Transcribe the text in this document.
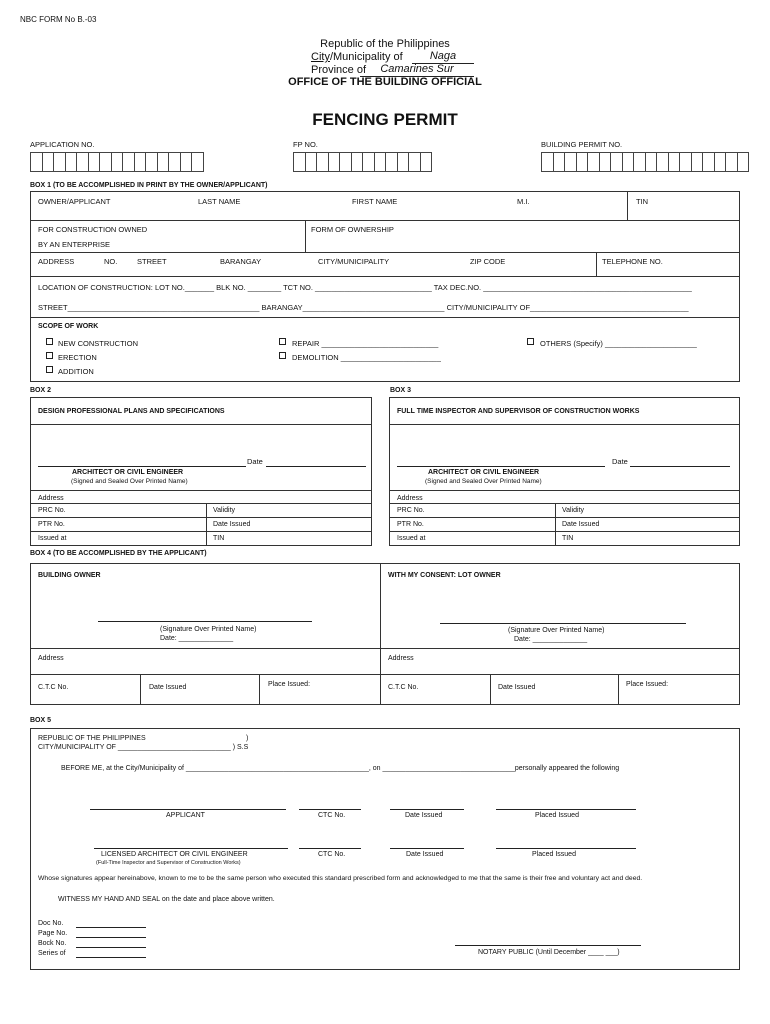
NBC FORM No B.-03
Republic of the Philippines
City/Municipality of	Naga
Province of	Camarines Sur
OFFICE OF THE BUILDING OFFICIAL
FENCING PERMIT
APPLICATION NO.	FP NO.	BUILDING PERMIT NO.
BOX 1 (TO BE ACCOMPLISHED IN PRINT BY THE OWNER/APPLICANT)
OWNER/APPLICANT	LAST NAME	FIRST NAME	M.I.	TIN
FOR CONSTRUCTION OWNED
BY AN ENTERPRISE
FORM OF OWNERSHIP
ADDRESS	NO.	STREET	BARANGAY	CITY/MUNICIPALITY	ZIP CODE	TELEPHONE NO.
LOCATION OF CONSTRUCTION: LOT NO._______ BLK NO. ________ TCT NO. ____________________________ TAX DEC.NO. __________________________________________________
STREET______________________________________________ BARANGAY__________________________________ CITY/MUNICIPALITY OF______________________________________
SCOPE OF WORK
NEW CONSTRUCTION
ERECTION
ADDITION
REPAIR ____________________________
DEMOLITION ________________________
OTHERS (Specify) ______________________
BOX 2	BOX 3
DESIGN PROFESSIONAL PLANS AND SPECIFICATIONS
Date
ARCHITECT OR CIVIL ENGINEER
(Signed and Sealed Over Printed Name)
Address
PRC No.	Validity
PTR No.	Date Issued
Issued at	TIN
FULL TIME INSPECTOR AND SUPERVISOR OF CONSTRUCTION WORKS
Date
ARCHITECT OR CIVIL ENGINEER
(Signed and Sealed Over Printed Name)
Address
PRC No.	Validity
PTR No.	Date Issued
Issued at	TIN
BOX 4 (TO BE ACCOMPLISHED BY THE APPLICANT)
BUILDING OWNER
(Signature Over Printed Name)
Date: ______________
Address
C.T.C No.	Date Issued	Place Issued:
WITH MY CONSENT: LOT OWNER
(Signature Over Printed Name)
Date: ______________
Address
C.T.C No.	Date Issued	Place Issued:
BOX 5
REPUBLIC OF THE PHILIPPINES	)
CITY/MUNICIPALITY OF _____________________________ ) S.S
BEFORE ME, at the City/Municipality of _______________________________________________, on __________________________________personally appeared the following
APPLICANT	CTC No.	Date Issued	Placed Issued
LICENSED ARCHITECT OR CIVIL ENGINEER
(Full-Time Inspector and Supervisor of Construction Works)
CTC No.	Date Issued	Placed Issued
Whose signatures appear hereinabove, known to me to be the same person who executed this standard prescribed form and acknowledged to me that the same is their free and voluntary act and deed.
WITNESS MY HAND AND SEAL on the date and place above written.
Doc No.
Page No.
Bock No.
Series of	NOTARY PUBLIC (Until December ____ ___)
